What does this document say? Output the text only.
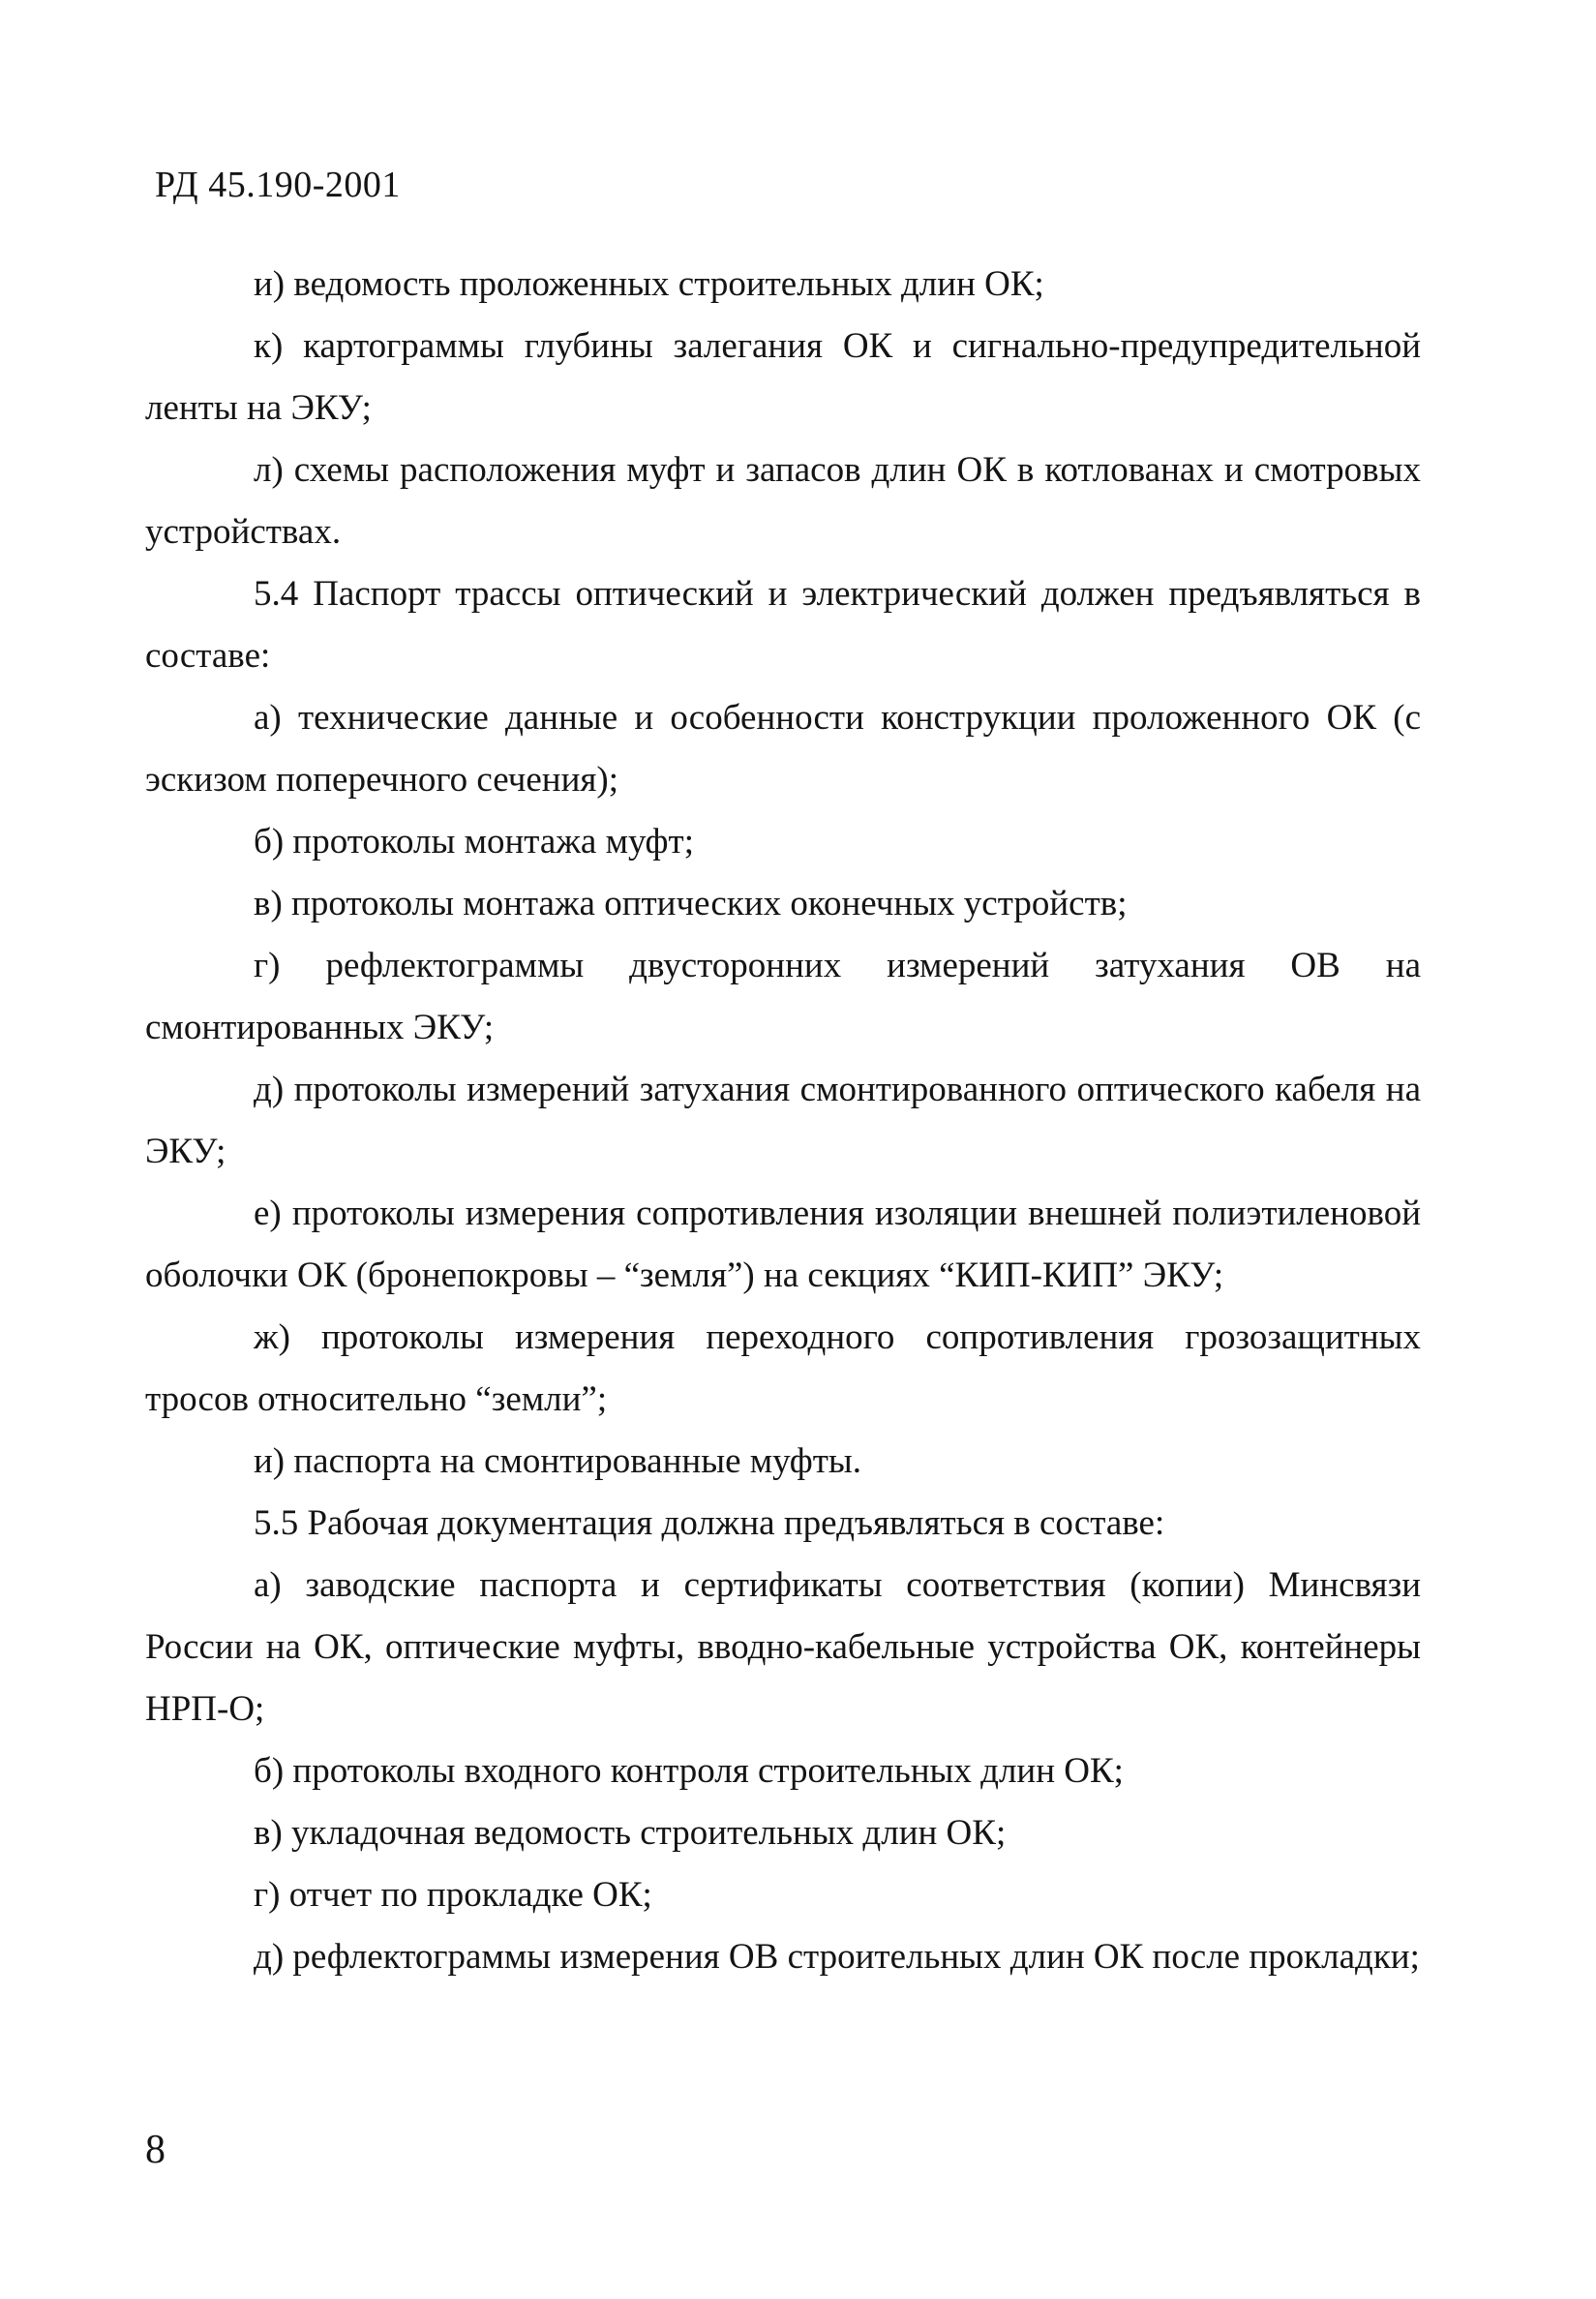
РД 45.190-2001

и) ведомость проложенных строительных длин ОК;

к) картограммы глубины залегания ОК и сигнально-предупредительной ленты на ЭКУ;

л) схемы расположения муфт и запасов длин ОК в котлованах и смотровых устройствах.

5.4 Паспорт трассы оптический и электрический должен предъявляться в составе:

а) технические данные и особенности конструкции проложенного ОК (с эскизом поперечного сечения);

б) протоколы монтажа муфт;

в) протоколы монтажа оптических оконечных устройств;

г) рефлектограммы двусторонних измерений затухания ОВ на смонтированных ЭКУ;

д) протоколы измерений затухания смонтированного оптического кабеля на ЭКУ;

е) протоколы измерения сопротивления изоляции внешней полиэтиленовой оболочки ОК (бронепокровы – “земля”) на секциях “КИП-КИП” ЭКУ;

ж) протоколы измерения переходного сопротивления грозозащитных тросов относительно “земли”;

и) паспорта на смонтированные муфты.

5.5 Рабочая документация должна предъявляться в составе:

а) заводские паспорта и сертификаты соответствия (копии) Минсвязи России на ОК, оптические муфты, вводно-кабельные устройства ОК, контейнеры НРП-О;

б) протоколы входного контроля строительных длин ОК;

в) укладочная ведомость строительных длин ОК;

г) отчет по прокладке ОК;

д) рефлектограммы измерения ОВ строительных длин ОК после прокладки;

8
